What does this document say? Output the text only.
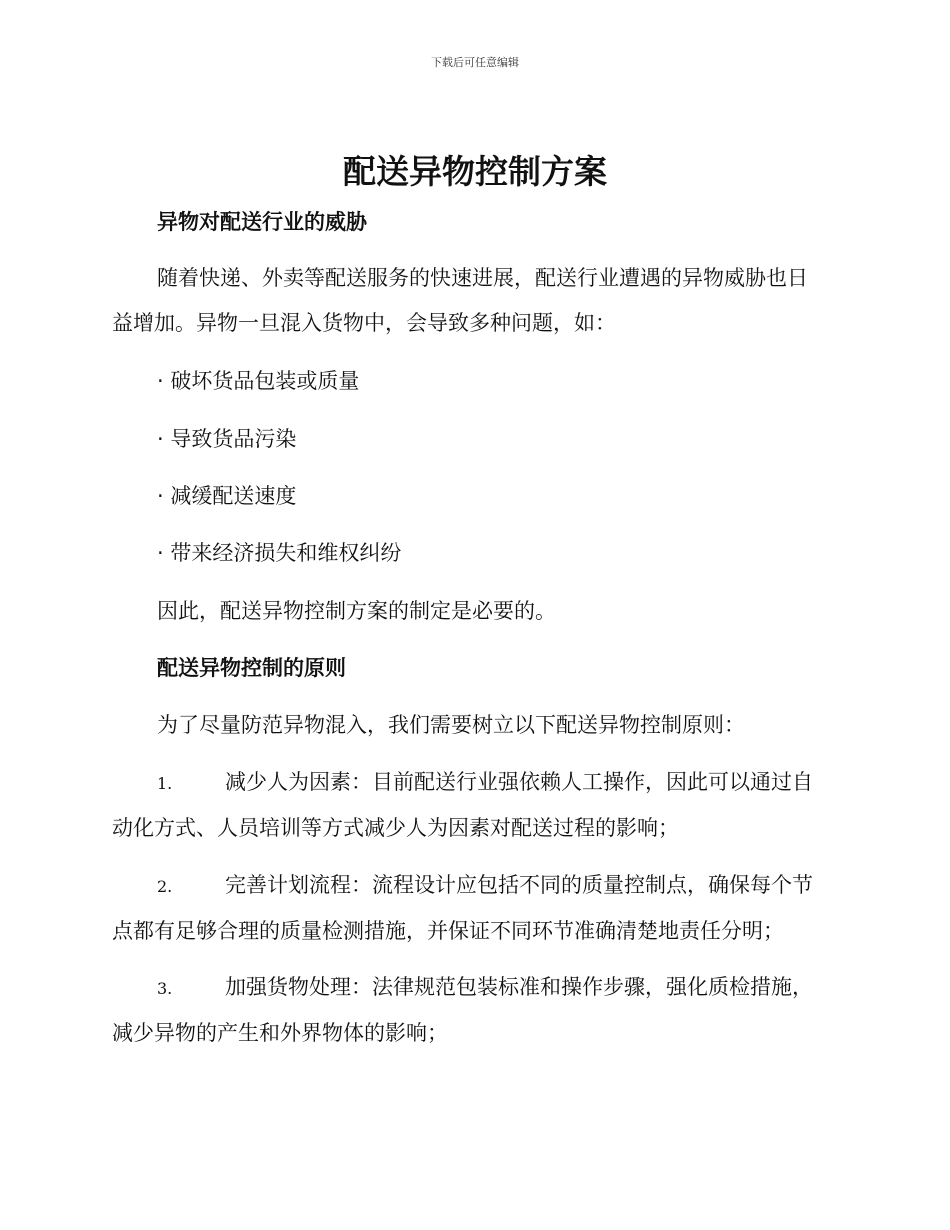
下载后可任意编辑
配送异物控制方案
异物对配送行业的威胁
随着快递、外卖等配送服务的快速进展，配送行业遭遇的异物威胁也日
益增加。异物一旦混入货物中，会导致多种问题，如：
· 破坏货品包装或质量
· 导致货品污染
· 减缓配送速度
· 带来经济损失和维权纠纷
因此，配送异物控制方案的制定是必要的。
配送异物控制的原则
为了尽量防范异物混入，我们需要树立以下配送异物控制原则：
1.	减少人为因素：目前配送行业强依赖人工操作，因此可以通过自
动化方式、人员培训等方式减少人为因素对配送过程的影响；
2.	完善计划流程：流程设计应包括不同的质量控制点，确保每个节
点都有足够合理的质量检测措施，并保证不同环节准确清楚地责任分明；
3.	加强货物处理：法律规范包装标准和操作步骤，强化质检措施，
减少异物的产生和外界物体的影响；
